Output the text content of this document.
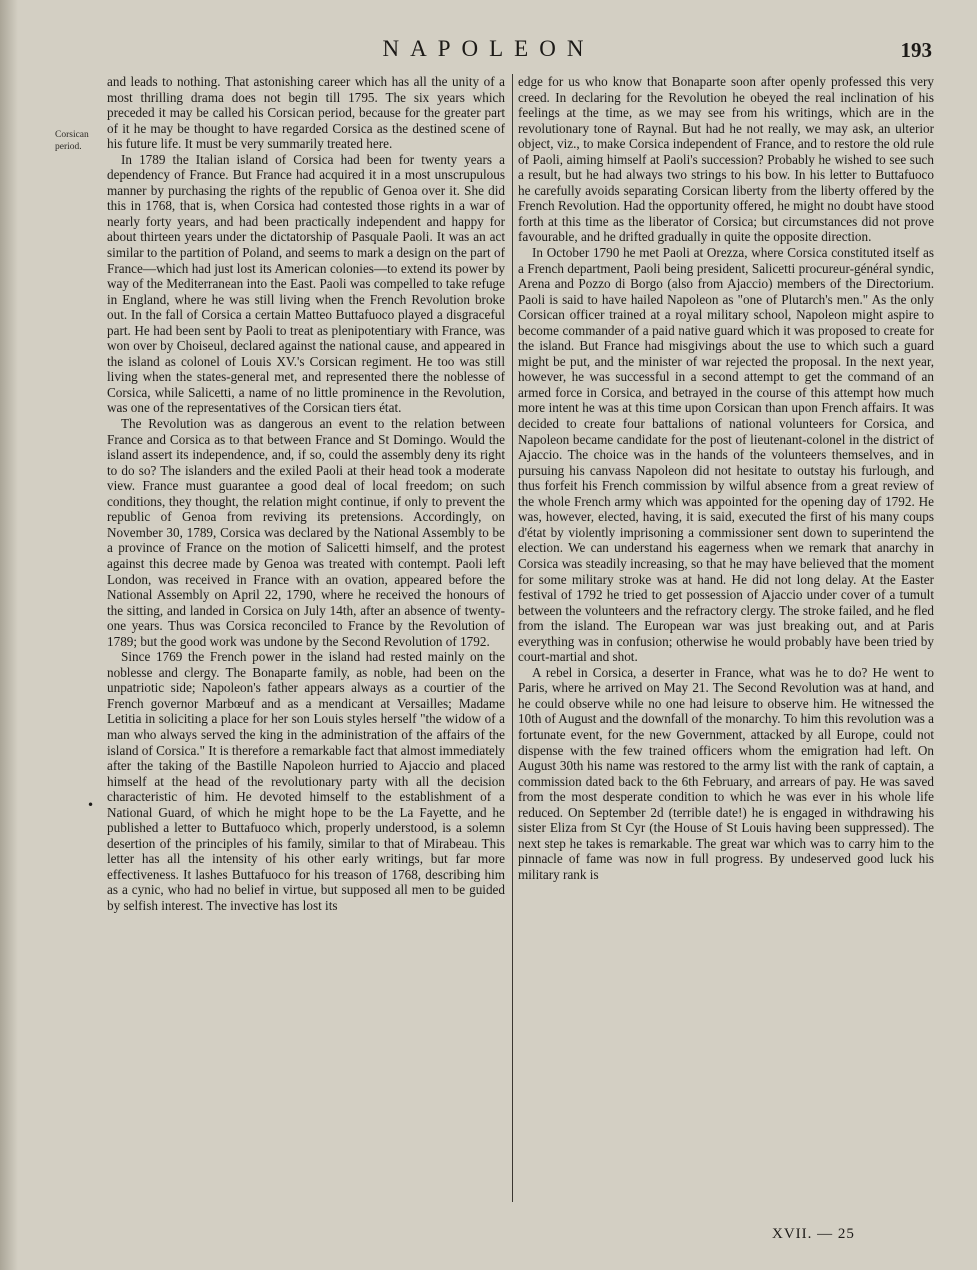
NAPOLEON	193
Corsican period.
•

and leads to nothing. That astonishing career which has all the unity of a most thrilling drama does not begin till 1795. The six years which preceded it may be called his Corsican period, because for the greater part of it he may be thought to have regarded Corsica as the destined scene of his future life. It must be very summarily treated here.

In 1789 the Italian island of Corsica had been for twenty years a dependency of France. But France had acquired it in a most unscrupulous manner by purchasing the rights of the republic of Genoa over it. She did this in 1768, that is, when Corsica had contested those rights in a war of nearly forty years, and had been practically independent and happy for about thirteen years under the dictatorship of Pasquale Paoli. It was an act similar to the partition of Poland, and seems to mark a design on the part of France—which had just lost its American colonies—to extend its power by way of the Mediterranean into the East. Paoli was compelled to take refuge in England, where he was still living when the French Revolution broke out. In the fall of Corsica a certain Matteo Buttafuoco played a disgraceful part. He had been sent by Paoli to treat as plenipotentiary with France, was won over by Choiseul, declared against the national cause, and appeared in the island as colonel of Louis XV.'s Corsican regiment. He too was still living when the states-general met, and represented there the noblesse of Corsica, while Salicetti, a name of no little prominence in the Revolution, was one of the representatives of the Corsican tiers état.

The Revolution was as dangerous an event to the relation between France and Corsica as to that between France and St Domingo. Would the island assert its independence, and, if so, could the assembly deny its right to do so? The islanders and the exiled Paoli at their head took a moderate view. France must guarantee a good deal of local freedom; on such conditions, they thought, the relation might continue, if only to prevent the republic of Genoa from reviving its pretensions. Accordingly, on November 30, 1789, Corsica was declared by the National Assembly to be a province of France on the motion of Salicetti himself, and the protest against this decree made by Genoa was treated with contempt. Paoli left London, was received in France with an ovation, appeared before the National Assembly on April 22, 1790, where he received the honours of the sitting, and landed in Corsica on July 14th, after an absence of twenty-one years. Thus was Corsica reconciled to France by the Revolution of 1789; but the good work was undone by the Second Revolution of 1792.

Since 1769 the French power in the island had rested mainly on the noblesse and clergy. The Bonaparte family, as noble, had been on the unpatriotic side; Napoleon's father appears always as a courtier of the French governor Marbœuf and as a mendicant at Versailles; Madame Letitia in soliciting a place for her son Louis styles herself "the widow of a man who always served the king in the administration of the affairs of the island of Corsica." It is therefore a remarkable fact that almost immediately after the taking of the Bastille Napoleon hurried to Ajaccio and placed himself at the head of the revolutionary party with all the decision characteristic of him. He devoted himself to the establishment of a National Guard, of which he might hope to be the La Fayette, and he published a letter to Buttafuoco which, properly understood, is a solemn desertion of the principles of his family, similar to that of Mirabeau. This letter has all the intensity of his other early writings, but far more effectiveness. It lashes Buttafuoco for his treason of 1768, describing him as a cynic, who had no belief in virtue, but supposed all men to be guided by selfish interest. The invective has lost its

edge for us who know that Bonaparte soon after openly professed this very creed. In declaring for the Revolution he obeyed the real inclination of his feelings at the time, as we may see from his writings, which are in the revolutionary tone of Raynal. But had he not really, we may ask, an ulterior object, viz., to make Corsica independent of France, and to restore the old rule of Paoli, aiming himself at Paoli's succession? Probably he wished to see such a result, but he had always two strings to his bow. In his letter to Buttafuoco he carefully avoids separating Corsican liberty from the liberty offered by the French Revolution. Had the opportunity offered, he might no doubt have stood forth at this time as the liberator of Corsica; but circumstances did not prove favourable, and he drifted gradually in quite the opposite direction.

In October 1790 he met Paoli at Orezza, where Corsica constituted itself as a French department, Paoli being president, Salicetti procureur-général syndic, Arena and Pozzo di Borgo (also from Ajaccio) members of the Directorium. Paoli is said to have hailed Napoleon as "one of Plutarch's men." As the only Corsican officer trained at a royal military school, Napoleon might aspire to become commander of a paid native guard which it was proposed to create for the island. But France had misgivings about the use to which such a guard might be put, and the minister of war rejected the proposal. In the next year, however, he was successful in a second attempt to get the command of an armed force in Corsica, and betrayed in the course of this attempt how much more intent he was at this time upon Corsican than upon French affairs. It was decided to create four battalions of national volunteers for Corsica, and Napoleon became candidate for the post of lieutenant-colonel in the district of Ajaccio. The choice was in the hands of the volunteers themselves, and in pursuing his canvass Napoleon did not hesitate to outstay his furlough, and thus forfeit his French commission by wilful absence from a great review of the whole French army which was appointed for the opening day of 1792. He was, however, elected, having, it is said, executed the first of his many coups d'état by violently imprisoning a commissioner sent down to superintend the election. We can understand his eagerness when we remark that anarchy in Corsica was steadily increasing, so that he may have believed that the moment for some military stroke was at hand. He did not long delay. At the Easter festival of 1792 he tried to get possession of Ajaccio under cover of a tumult between the volunteers and the refractory clergy. The stroke failed, and he fled from the island. The European war was just breaking out, and at Paris everything was in confusion; otherwise he would probably have been tried by court-martial and shot.

A rebel in Corsica, a deserter in France, what was he to do? He went to Paris, where he arrived on May 21. The Second Revolution was at hand, and he could observe while no one had leisure to observe him. He witnessed the 10th of August and the downfall of the monarchy. To him this revolution was a fortunate event, for the new Government, attacked by all Europe, could not dispense with the few trained officers whom the emigration had left. On August 30th his name was restored to the army list with the rank of captain, a commission dated back to the 6th February, and arrears of pay. He was saved from the most desperate condition to which he was ever in his whole life reduced. On September 2d (terrible date!) he is engaged in withdrawing his sister Eliza from St Cyr (the House of St Louis having been suppressed). The next step he takes is remarkable. The great war which was to carry him to the pinnacle of fame was now in full progress. By undeserved good luck his military rank is

XVII. — 25
